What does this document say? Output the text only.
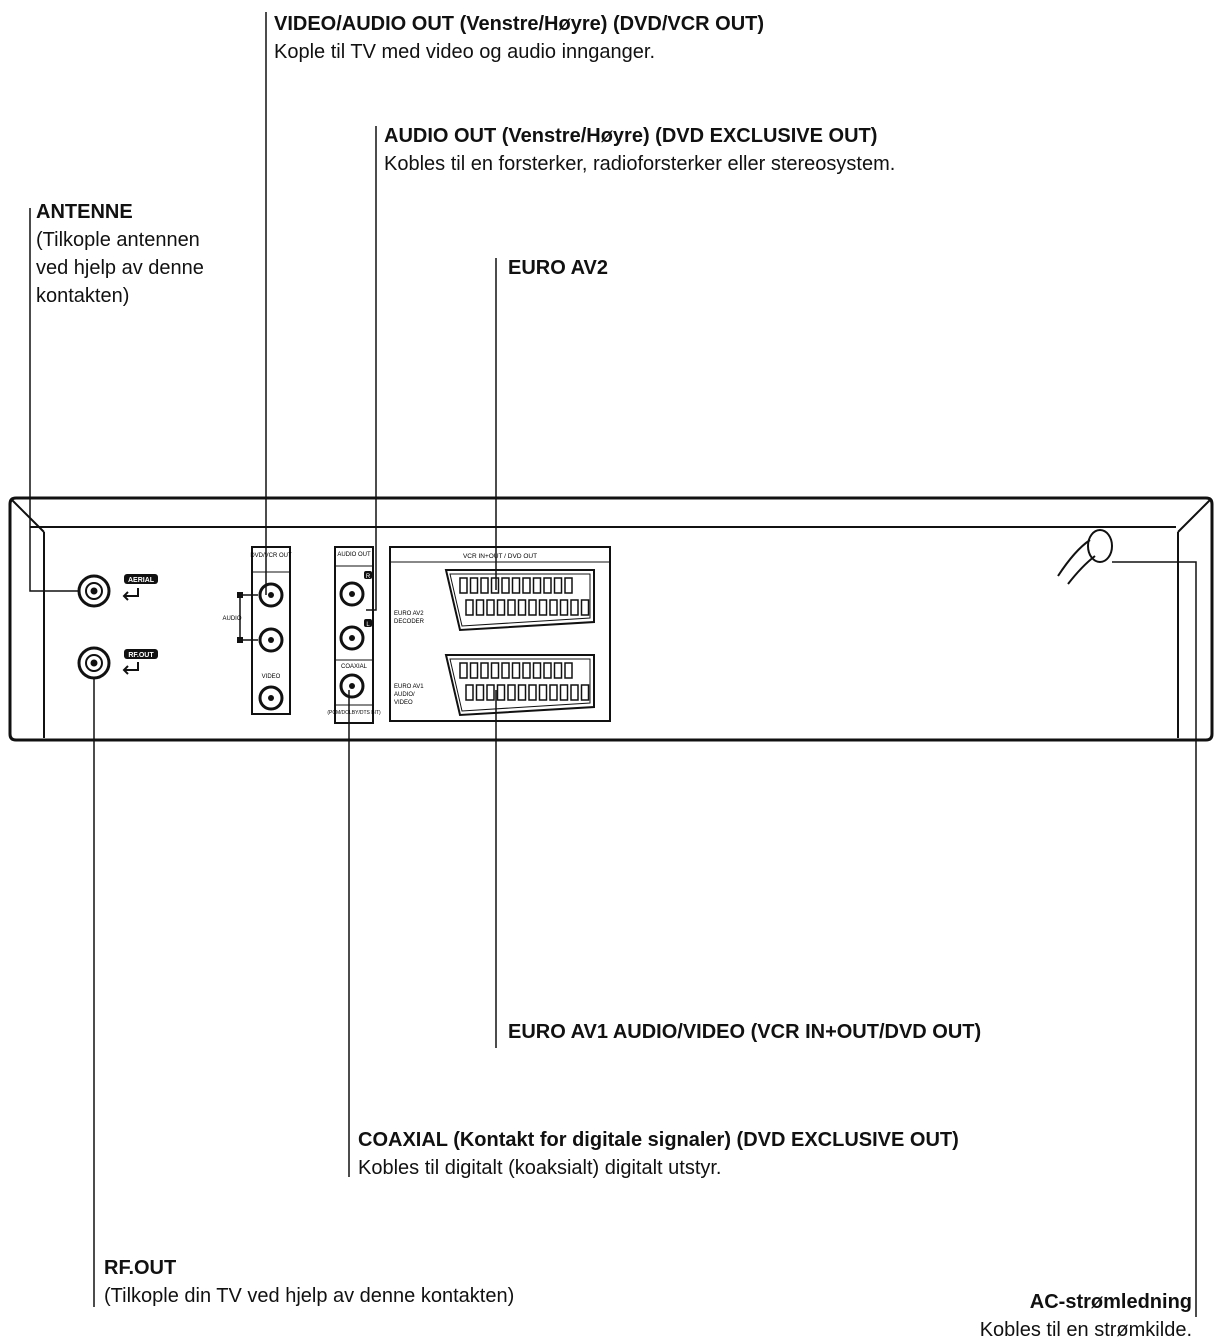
AERIAL
RF.OUT
DVD/VCR OUT
VIDEO
AUDIO
AUDIO OUT
R
L
COAXIAL
(PCM/DOLBY/DTS BIT)
VCR IN+OUT / DVD OUT
EURO AV2
DECODER
EURO AV1
AUDIO/
VIDEO
VIDEO/AUDIO OUT (Venstre/Høyre) (DVD/VCR OUT)
Kople til TV med video og audio innganger.
AUDIO OUT (Venstre/Høyre) (DVD EXCLUSIVE OUT)
Kobles til en forsterker, radioforsterker eller stereosystem.
ANTENNE
(Tilkople antennen
ved hjelp av denne
kontakten)
EURO AV2
EURO AV1 AUDIO/VIDEO (VCR IN+OUT/DVD OUT)
COAXIAL (Kontakt for digitale signaler) (DVD EXCLUSIVE OUT)
Kobles til digitalt (koaksialt) digitalt utstyr.
RF.OUT
(Tilkople din TV ved hjelp av denne kontakten)	AC-strømledning
Kobles til en strømkilde.
